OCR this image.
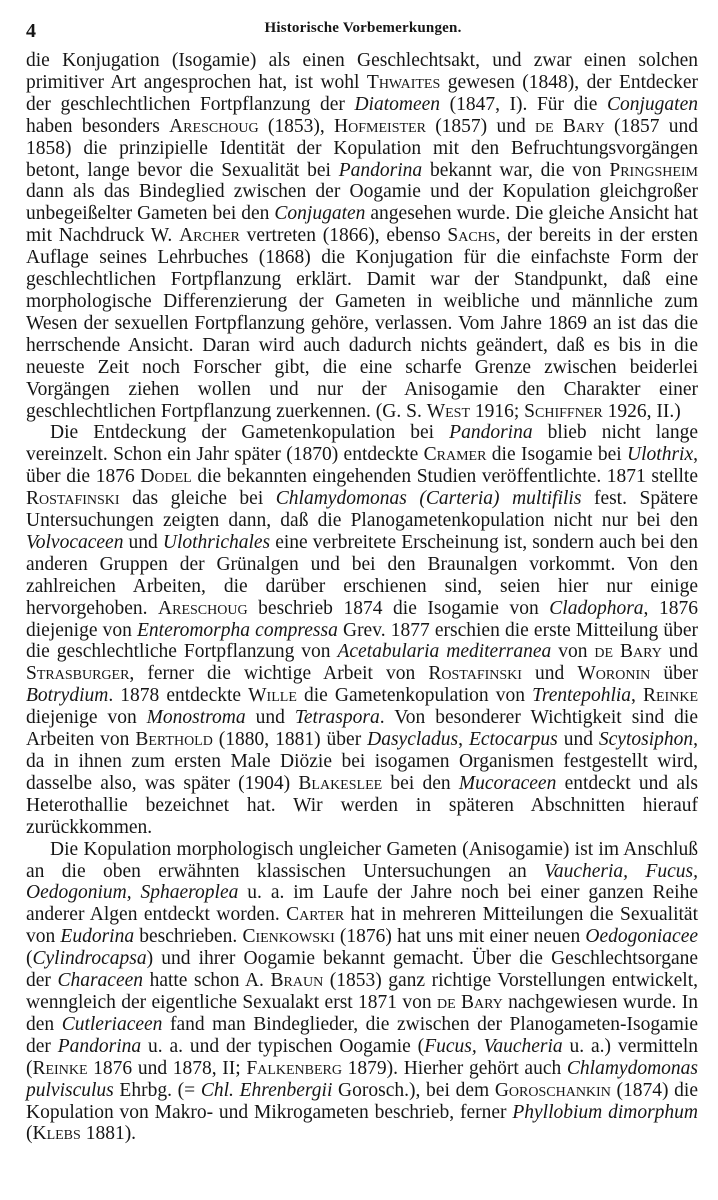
4	Historische Vorbemerkungen.

die Konjugation (Isogamie) als einen Geschlechtsakt, und zwar einen solchen primitiver Art angesprochen hat, ist wohl Thwaites gewesen (1848), der Entdecker der geschlechtlichen Fortpflanzung der Diatomeen (1847, I). Für die Conjugaten haben besonders Areschoug (1853), Hofmeister (1857) und de Bary (1857 und 1858) die prinzipielle Identität der Kopulation mit den Befruchtungsvorgängen betont, lange bevor die Sexualität bei Pandorina bekannt war, die von Pringsheim dann als das Bindeglied zwischen der Oogamie und der Kopulation gleichgroßer unbegeißelter Gameten bei den Conjugaten angesehen wurde. Die gleiche Ansicht hat mit Nachdruck W. Archer vertreten (1866), ebenso Sachs, der bereits in der ersten Auflage seines Lehrbuches (1868) die Konjugation für die einfachste Form der geschlechtlichen Fortpflanzung erklärt. Damit war der Standpunkt, daß eine morphologische Differenzierung der Gameten in weibliche und männliche zum Wesen der sexuellen Fortpflanzung gehöre, verlassen. Vom Jahre 1869 an ist das die herrschende Ansicht. Daran wird auch dadurch nichts geändert, daß es bis in die neueste Zeit noch Forscher gibt, die eine scharfe Grenze zwischen beiderlei Vorgängen ziehen wollen und nur der Anisogamie den Charakter einer geschlechtlichen Fortpflanzung zuerkennen. (G. S. West 1916; Schiffner 1926, II.)

Die Entdeckung der Gametenkopulation bei Pandorina blieb nicht lange vereinzelt. Schon ein Jahr später (1870) entdeckte Cramer die Isogamie bei Ulothrix, über die 1876 Dodel die bekannten eingehenden Studien veröffentlichte. 1871 stellte Rostafinski das gleiche bei Chlamydomonas (Carteria) multifilis fest. Spätere Untersuchungen zeigten dann, daß die Planogametenkopulation nicht nur bei den Volvocaceen und Ulothrichales eine verbreitete Erscheinung ist, sondern auch bei den anderen Gruppen der Grünalgen und bei den Braunalgen vorkommt. Von den zahlreichen Arbeiten, die darüber erschienen sind, seien hier nur einige hervorgehoben. Areschoug beschrieb 1874 die Isogamie von Cladophora, 1876 diejenige von Enteromorpha compressa Grev. 1877 erschien die erste Mitteilung über die geschlechtliche Fortpflanzung von Acetabularia mediterranea von de Bary und Strasburger, ferner die wichtige Arbeit von Rostafinski und Woronin über Botrydium. 1878 entdeckte Wille die Gametenkopulation von Trentepohlia, Reinke diejenige von Monostroma und Tetraspora. Von besonderer Wichtigkeit sind die Arbeiten von Berthold (1880, 1881) über Dasycladus, Ectocarpus und Scytosiphon, da in ihnen zum ersten Male Diözie bei isogamen Organismen festgestellt wird, dasselbe also, was später (1904) Blakeslee bei den Mucoraceen entdeckt und als Heterothallie bezeichnet hat. Wir werden in späteren Abschnitten hierauf zurückkommen.

Die Kopulation morphologisch ungleicher Gameten (Anisogamie) ist im Anschluß an die oben erwähnten klassischen Untersuchungen an Vaucheria, Fucus, Oedogonium, Sphaeroplea u. a. im Laufe der Jahre noch bei einer ganzen Reihe anderer Algen entdeckt worden. Carter hat in mehreren Mitteilungen die Sexualität von Eudorina beschrieben. Cienkowski (1876) hat uns mit einer neuen Oedogoniacee (Cylindrocapsa) und ihrer Oogamie bekannt gemacht. Über die Geschlechtsorgane der Characeen hatte schon A. Braun (1853) ganz richtige Vorstellungen entwickelt, wenngleich der eigentliche Sexualakt erst 1871 von de Bary nachgewiesen wurde. In den Cutleriaceen fand man Bindeglieder, die zwischen der Planogameten-Isogamie der Pandorina u. a. und der typischen Oogamie (Fucus, Vaucheria u. a.) vermitteln (Reinke 1876 und 1878, II; Falkenberg 1879). Hierher gehört auch Chlamydomonas pulvisculus Ehrbg. (= Chl. Ehrenbergii Gorosch.), bei dem Goroschankin (1874) die Kopulation von Makro- und Mikrogameten beschrieb, ferner Phyllobium dimorphum (Klebs 1881).
